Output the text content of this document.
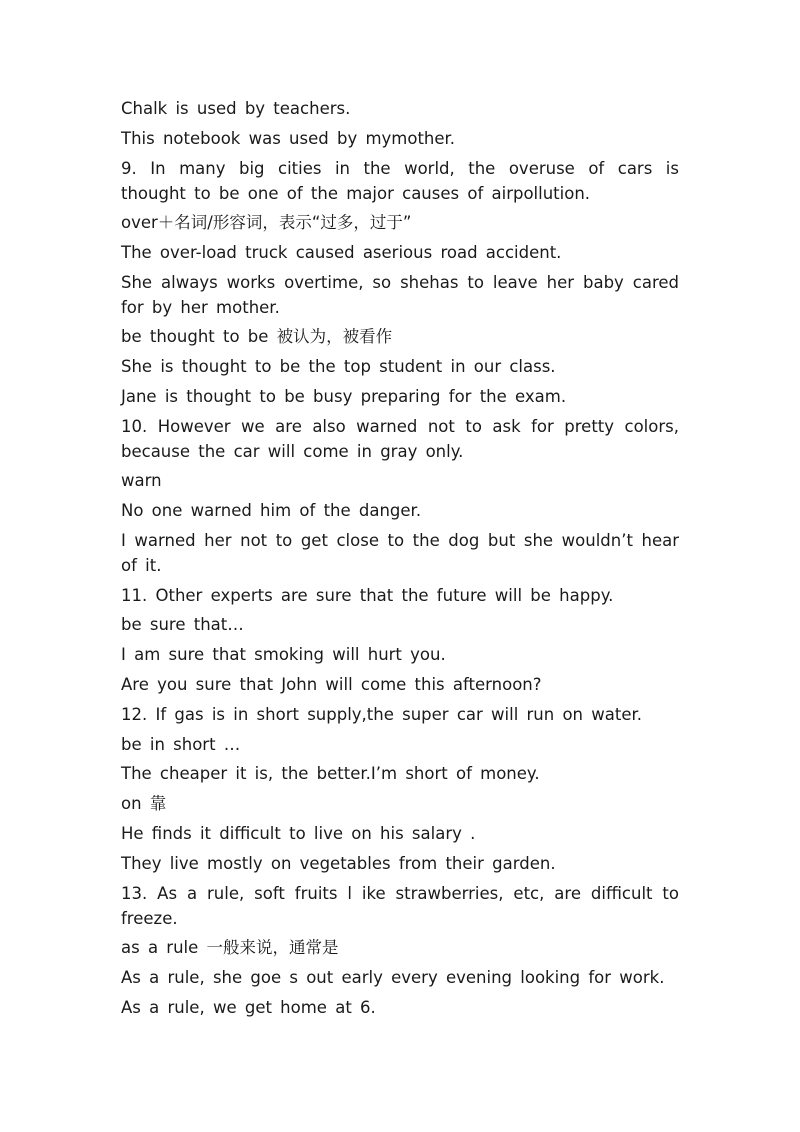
Chalk is used by teachers.
This notebook was used by mymother.
9. In many big cities in the world, the overuse of cars is thought to be one of the major causes of airpollution.
over＋名词/形容词，表示“过多，过于”
The over-load truck caused aserious road accident.
She always works overtime, so shehas to leave her baby cared for by her mother.
be thought to be 被认为，被看作
She is thought to be the top student in our class.
Jane is thought to be busy preparing for the exam.
10. However we are also warned not to ask for pretty colors, because the car will come in gray only.
warn
No one warned him of the danger.
I warned her not to get close to the dog but she wouldn’t hear of it.
11. Other experts are sure that the future will be happy.
be sure that…
I am sure that smoking will hurt you.
Are you sure that John will come this afternoon?
12. If gas is in short supply,the super car will run on water.
be in short …
The cheaper it is, the better.I’m short of money.
on 靠
He finds it difficult to live on his salary .
They live mostly on vegetables from their garden.
13. As a rule, soft fruits l ike strawberries, etc, are difficult to freeze.
as a rule 一般来说，通常是
As a rule, she goe s out early every evening looking for work.
As a rule, we get home at 6.
